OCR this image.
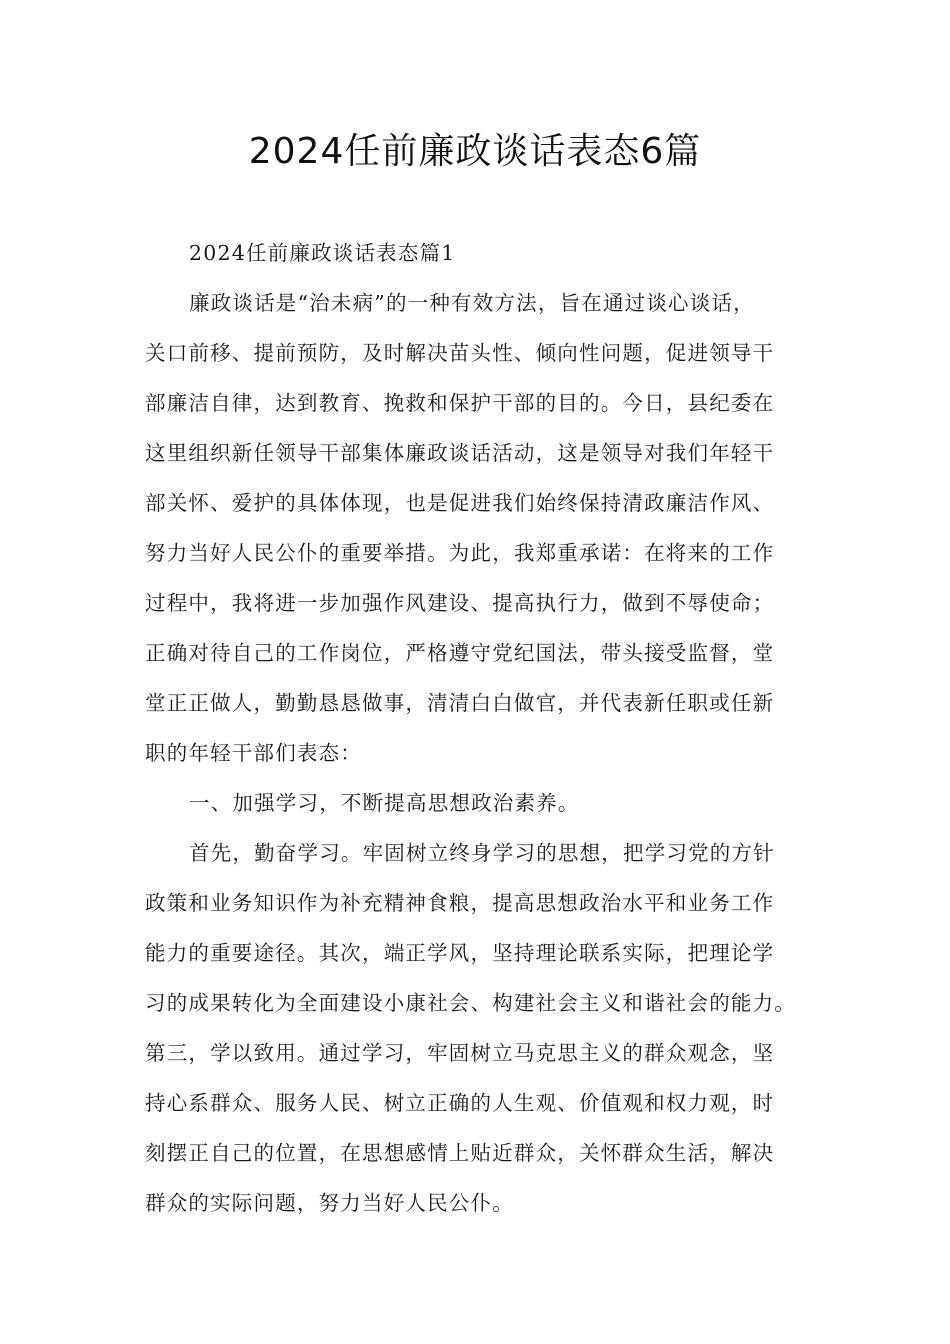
2024任前廉政谈话表态6篇

2024任前廉政谈话表态篇1

廉政谈话是“治未病”的一种有效方法，旨在通过谈心谈话，
关口前移、提前预防，及时解决苗头性、倾向性问题，促进领导干
部廉洁自律，达到教育、挽救和保护干部的目的。今日，县纪委在
这里组织新任领导干部集体廉政谈话活动，这是领导对我们年轻干
部关怀、爱护的具体体现，也是促进我们始终保持清政廉洁作风、
努力当好人民公仆的重要举措。为此，我郑重承诺：在将来的工作
过程中，我将进一步加强作风建设、提高执行力，做到不辱使命；
正确对待自己的工作岗位，严格遵守党纪国法，带头接受监督，堂
堂正正做人，勤勤恳恳做事，清清白白做官，并代表新任职或任新
职的年轻干部们表态：

一、加强学习，不断提高思想政治素养。

首先，勤奋学习。牢固树立终身学习的思想，把学习党的方针
政策和业务知识作为补充精神食粮，提高思想政治水平和业务工作
能力的重要途径。其次，端正学风，坚持理论联系实际，把理论学
习的成果转化为全面建设小康社会、构建社会主义和谐社会的能力。
第三，学以致用。通过学习，牢固树立马克思主义的群众观念，坚
持心系群众、服务人民、树立正确的人生观、价值观和权力观，时
刻摆正自己的位置，在思想感情上贴近群众，关怀群众生活，解决
群众的实际问题，努力当好人民公仆。
